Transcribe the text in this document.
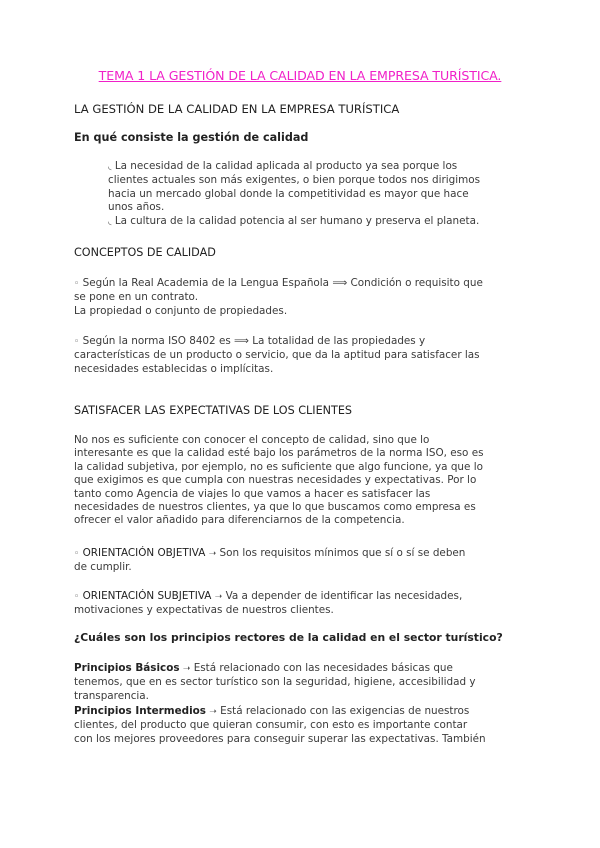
TEMA 1 LA GESTIÓN DE LA CALIDAD EN LA EMPRESA TURÍSTICA.

LA GESTIÓN DE LA CALIDAD EN LA EMPRESA TURÍSTICA

En qué consiste la gestión de calidad

◟ La necesidad de la calidad aplicada al producto ya sea porque los
clientes actuales son más exigentes, o bien porque todos nos dirigimos
hacia un mercado global donde la competitividad es mayor que hace
unos años.
◟ La cultura de la calidad potencia al ser humano y preserva el planeta.

CONCEPTOS DE CALIDAD

◦ Según la Real Academia de la Lengua Española ⟹ Condición o requisito que
se pone en un contrato.
La propiedad o conjunto de propiedades.
◦ Según la norma ISO 8402 es ⟹ La totalidad de las propiedades y
características de un producto o servicio, que da la aptitud para satisfacer las
necesidades establecidas o implícitas.

SATISFACER LAS EXPECTATIVAS DE LOS CLIENTES

No nos es suficiente con conocer el concepto de calidad, sino que lo
interesante es que la calidad esté bajo los parámetros de la norma ISO, eso es
la calidad subjetiva, por ejemplo, no es suficiente que algo funcione, ya que lo
que exigimos es que cumpla con nuestras necesidades y expectativas. Por lo
tanto como Agencia de viajes lo que vamos a hacer es satisfacer las
necesidades de nuestros clientes, ya que lo que buscamos como empresa es
ofrecer el valor añadido para diferenciarnos de la competencia.
◦ ORIENTACIÓN OBJETIVA ➝ Son los requisitos mínimos que sí o sí se deben
de cumplir.
◦ ORIENTACIÓN SUBJETIVA ➝ Va a depender de identificar las necesidades,
motivaciones y expectativas de nuestros clientes.

¿Cuáles son los principios rectores de la calidad en el sector turístico?

Principios Básicos ➝ Está relacionado con las necesidades básicas que
tenemos, que en es sector turístico son la seguridad, higiene, accesibilidad y
transparencia.
Principios Intermedios ➝ Está relacionado con las exigencias de nuestros
clientes, del producto que quieran consumir, con esto es importante contar
con los mejores proveedores para conseguir superar las expectativas. También
